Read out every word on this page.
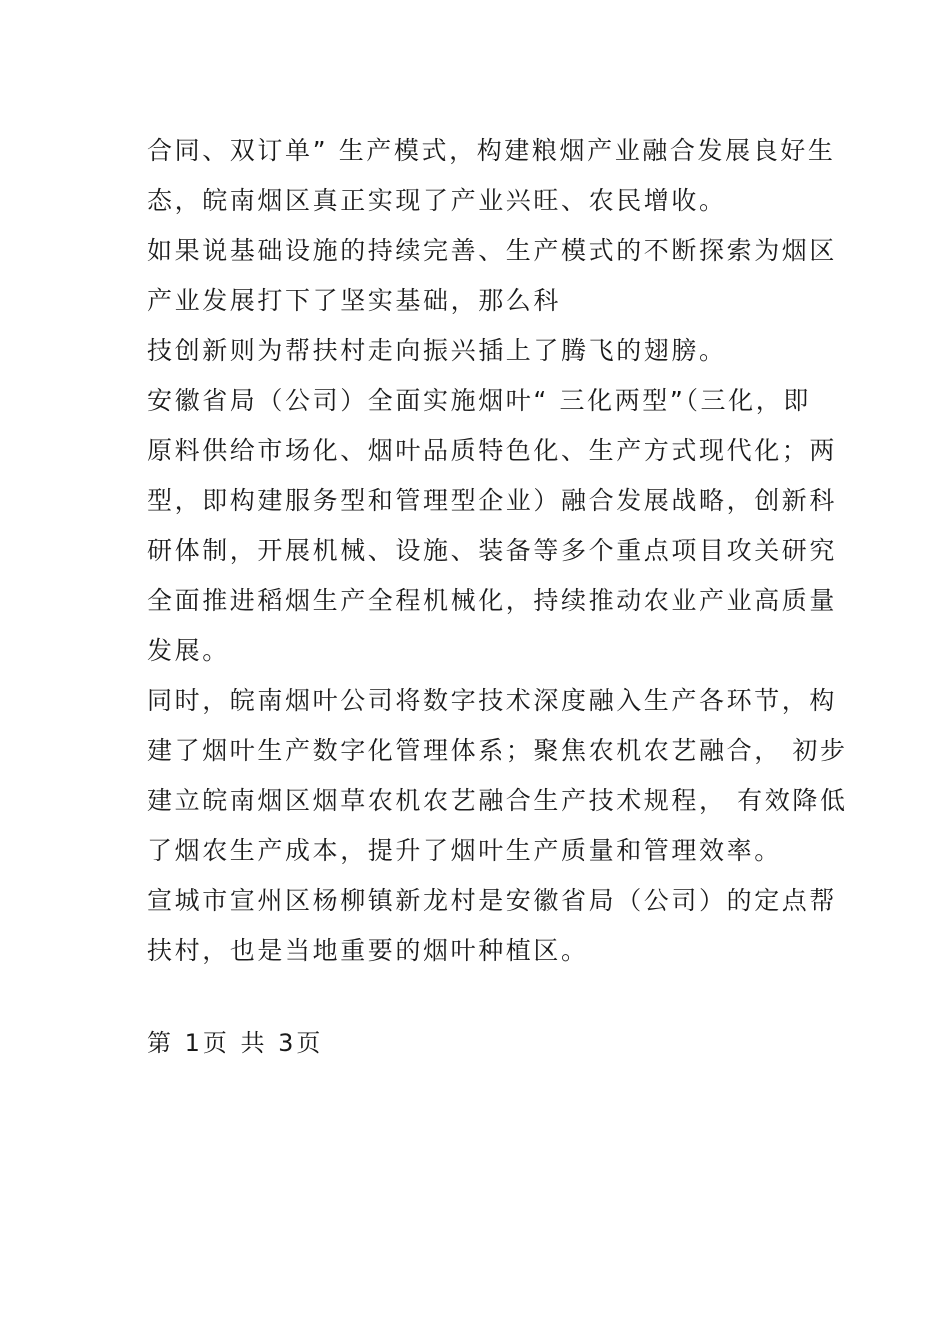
合同、双订单” 生产模式，构建粮烟产业融合发展良好生
态，皖南烟区真正实现了产业兴旺、农民增收。
如果说基础设施的持续完善、生产模式的不断探索为烟区
产业发展打下了坚实基础，那么科
技创新则为帮扶村走向振兴插上了腾飞的翅膀。
安徽省局（公司）全面实施烟叶“ 三化两型”（三化，即
原料供给市场化、烟叶品质特色化、生产方式现代化；两
型，即构建服务型和管理型企业）融合发展战略，创新科
研体制，开展机械、设施、装备等多个重点项目攻关研究
全面推进稻烟生产全程机械化，持续推动农业产业高质量
发展。
同时，皖南烟叶公司将数字技术深度融入生产各环节，构
建了烟叶生产数字化管理体系；聚焦农机农艺融合， 初步
建立皖南烟区烟草农机农艺融合生产技术规程， 有效降低
了烟农生产成本，提升了烟叶生产质量和管理效率。
宣城市宣州区杨柳镇新龙村是安徽省局（公司）的定点帮
扶村，也是当地重要的烟叶种植区。
第 1页 共 3页
